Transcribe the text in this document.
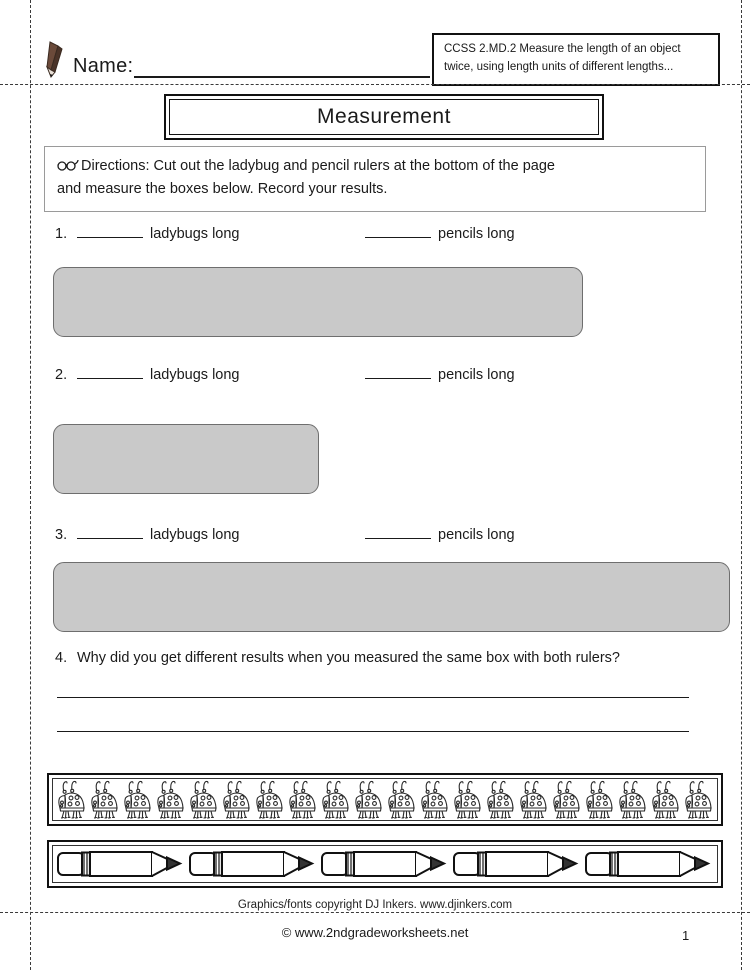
Name:
CCSS 2.MD.2 Measure the length of an object
twice, using length units of different lengths...
Measurement
Directions: Cut out the ladybug and pencil rulers at the bottom of the page
and measure the boxes below. Record your results.
1.	ladybugs long	pencils long
2.	ladybugs long	pencils long
3.	ladybugs long	pencils long
4. Why did you get different results when you measured the same box with both rulers?
Graphics/fonts copyright DJ Inkers. www.djinkers.com
© www.2ndgradeworksheets.net	1
